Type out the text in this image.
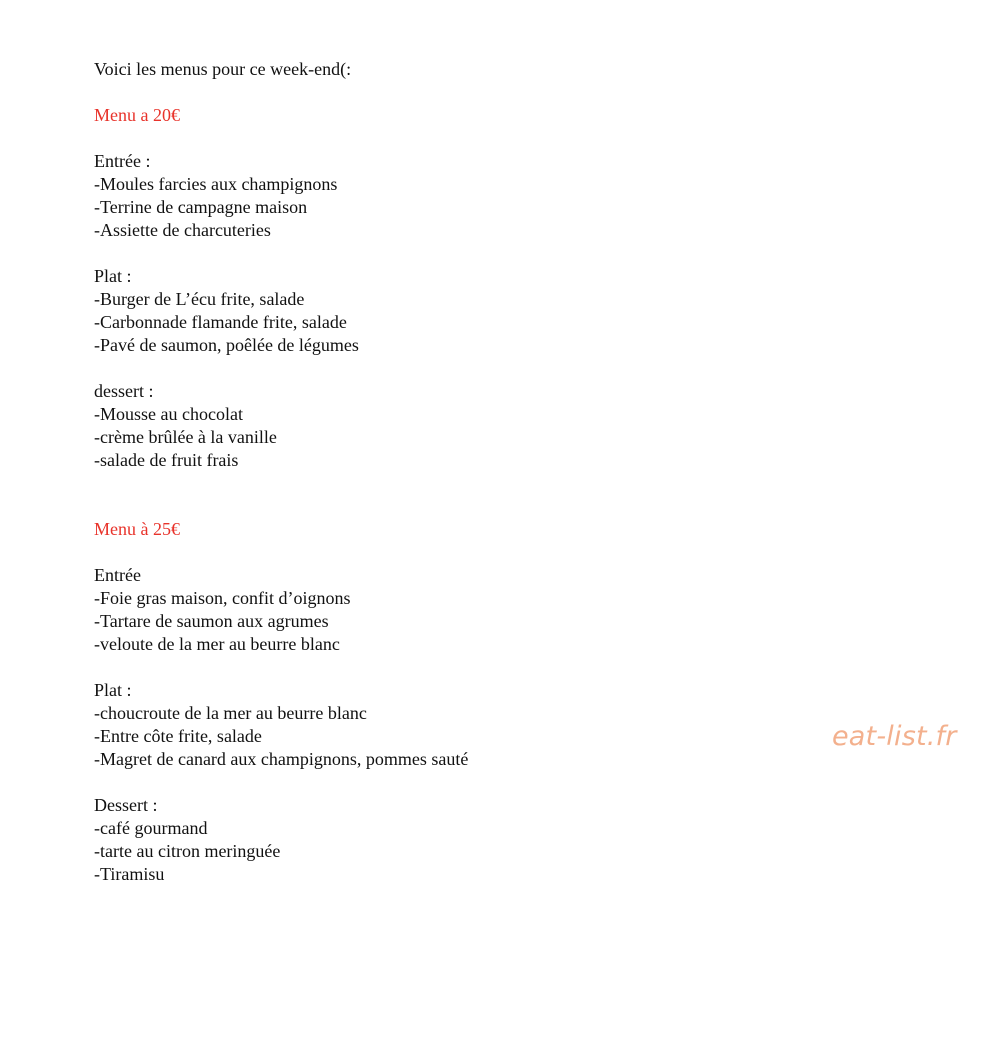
Voici les menus pour ce week-end(:
Menu a 20€
Entrée :
-Moules farcies aux champignons
-Terrine de campagne maison
-Assiette de charcuteries
Plat :
-Burger de L’écu frite, salade
-Carbonnade flamande frite, salade
-Pavé de saumon, poêlée de légumes
dessert :
-Mousse au chocolat
-crème brûlée à la vanille
-salade de fruit frais
Menu à 25€
Entrée
-Foie gras maison, confit d’oignons
-Tartare de saumon aux agrumes
-veloute de la mer au beurre blanc
Plat :
-choucroute de la mer au beurre blanc
-Entre côte frite, salade
-Magret de canard aux champignons, pommes sauté
Dessert :
-café gourmand
-tarte au citron meringuée
-Tiramisu
eat-list.fr
